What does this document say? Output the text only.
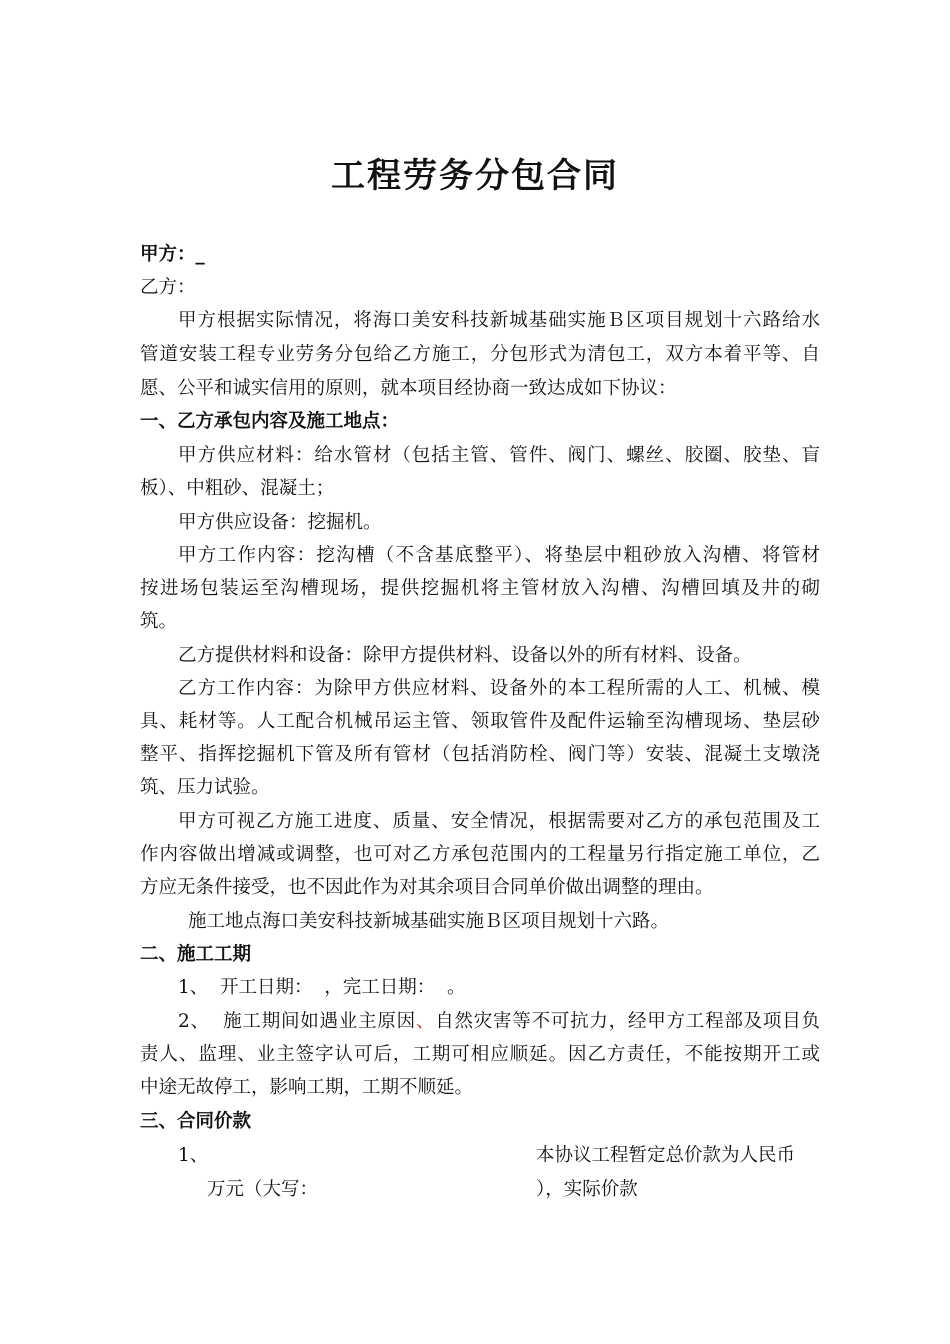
工程劳务分包合同
甲方：_
乙方：
甲方根据实际情况，将海口美安科技新城基础实施Ｂ区项目规划十六路给水
管道安装工程专业劳务分包给乙方施工，分包形式为清包工，双方本着平等、自
愿、公平和诚实信用的原则，就本项目经协商一致达成如下协议：
一、乙方承包内容及施工地点：
甲方供应材料：给水管材（包括主管、管件、阀门、螺丝、胶圈、胶垫、盲
板）、中粗砂、混凝土；
甲方供应设备：挖掘机。
甲方工作内容：挖沟槽（不含基底整平）、将垫层中粗砂放入沟槽、将管材
按进场包装运至沟槽现场，提供挖掘机将主管材放入沟槽、沟槽回填及井的砌
筑。
乙方提供材料和设备：除甲方提供材料、设备以外的所有材料、设备。
乙方工作内容：为除甲方供应材料、设备外的本工程所需的人工、机械、模
具、耗材等。人工配合机械吊运主管、领取管件及配件运输至沟槽现场、垫层砂
整平、指挥挖掘机下管及所有管材（包括消防栓、阀门等）安装、混凝土支墩浇
筑、压力试验。
甲方可视乙方施工进度、质量、安全情况，根据需要对乙方的承包范围及工
作内容做出增减或调整，也可对乙方承包范围内的工程量另行指定施工单位，乙
方应无条件接受，也不因此作为对其余项目合同单价做出调整的理由。
施工地点海口美安科技新城基础实施Ｂ区项目规划十六路。
二、施工工期
1、  开工日期：  ，完工日期：  。
2、  施工期间如遇业主原因、自然灾害等不可抗力，经甲方工程部及项目负
责人、监理、业主签字认可后，工期可相应顺延。因乙方责任，不能按期开工或
中途无故停工，影响工期，工期不顺延。
三、合同价款
1、	本协议工程暂定总价款为人民币
万元（大写：	），实际价款
